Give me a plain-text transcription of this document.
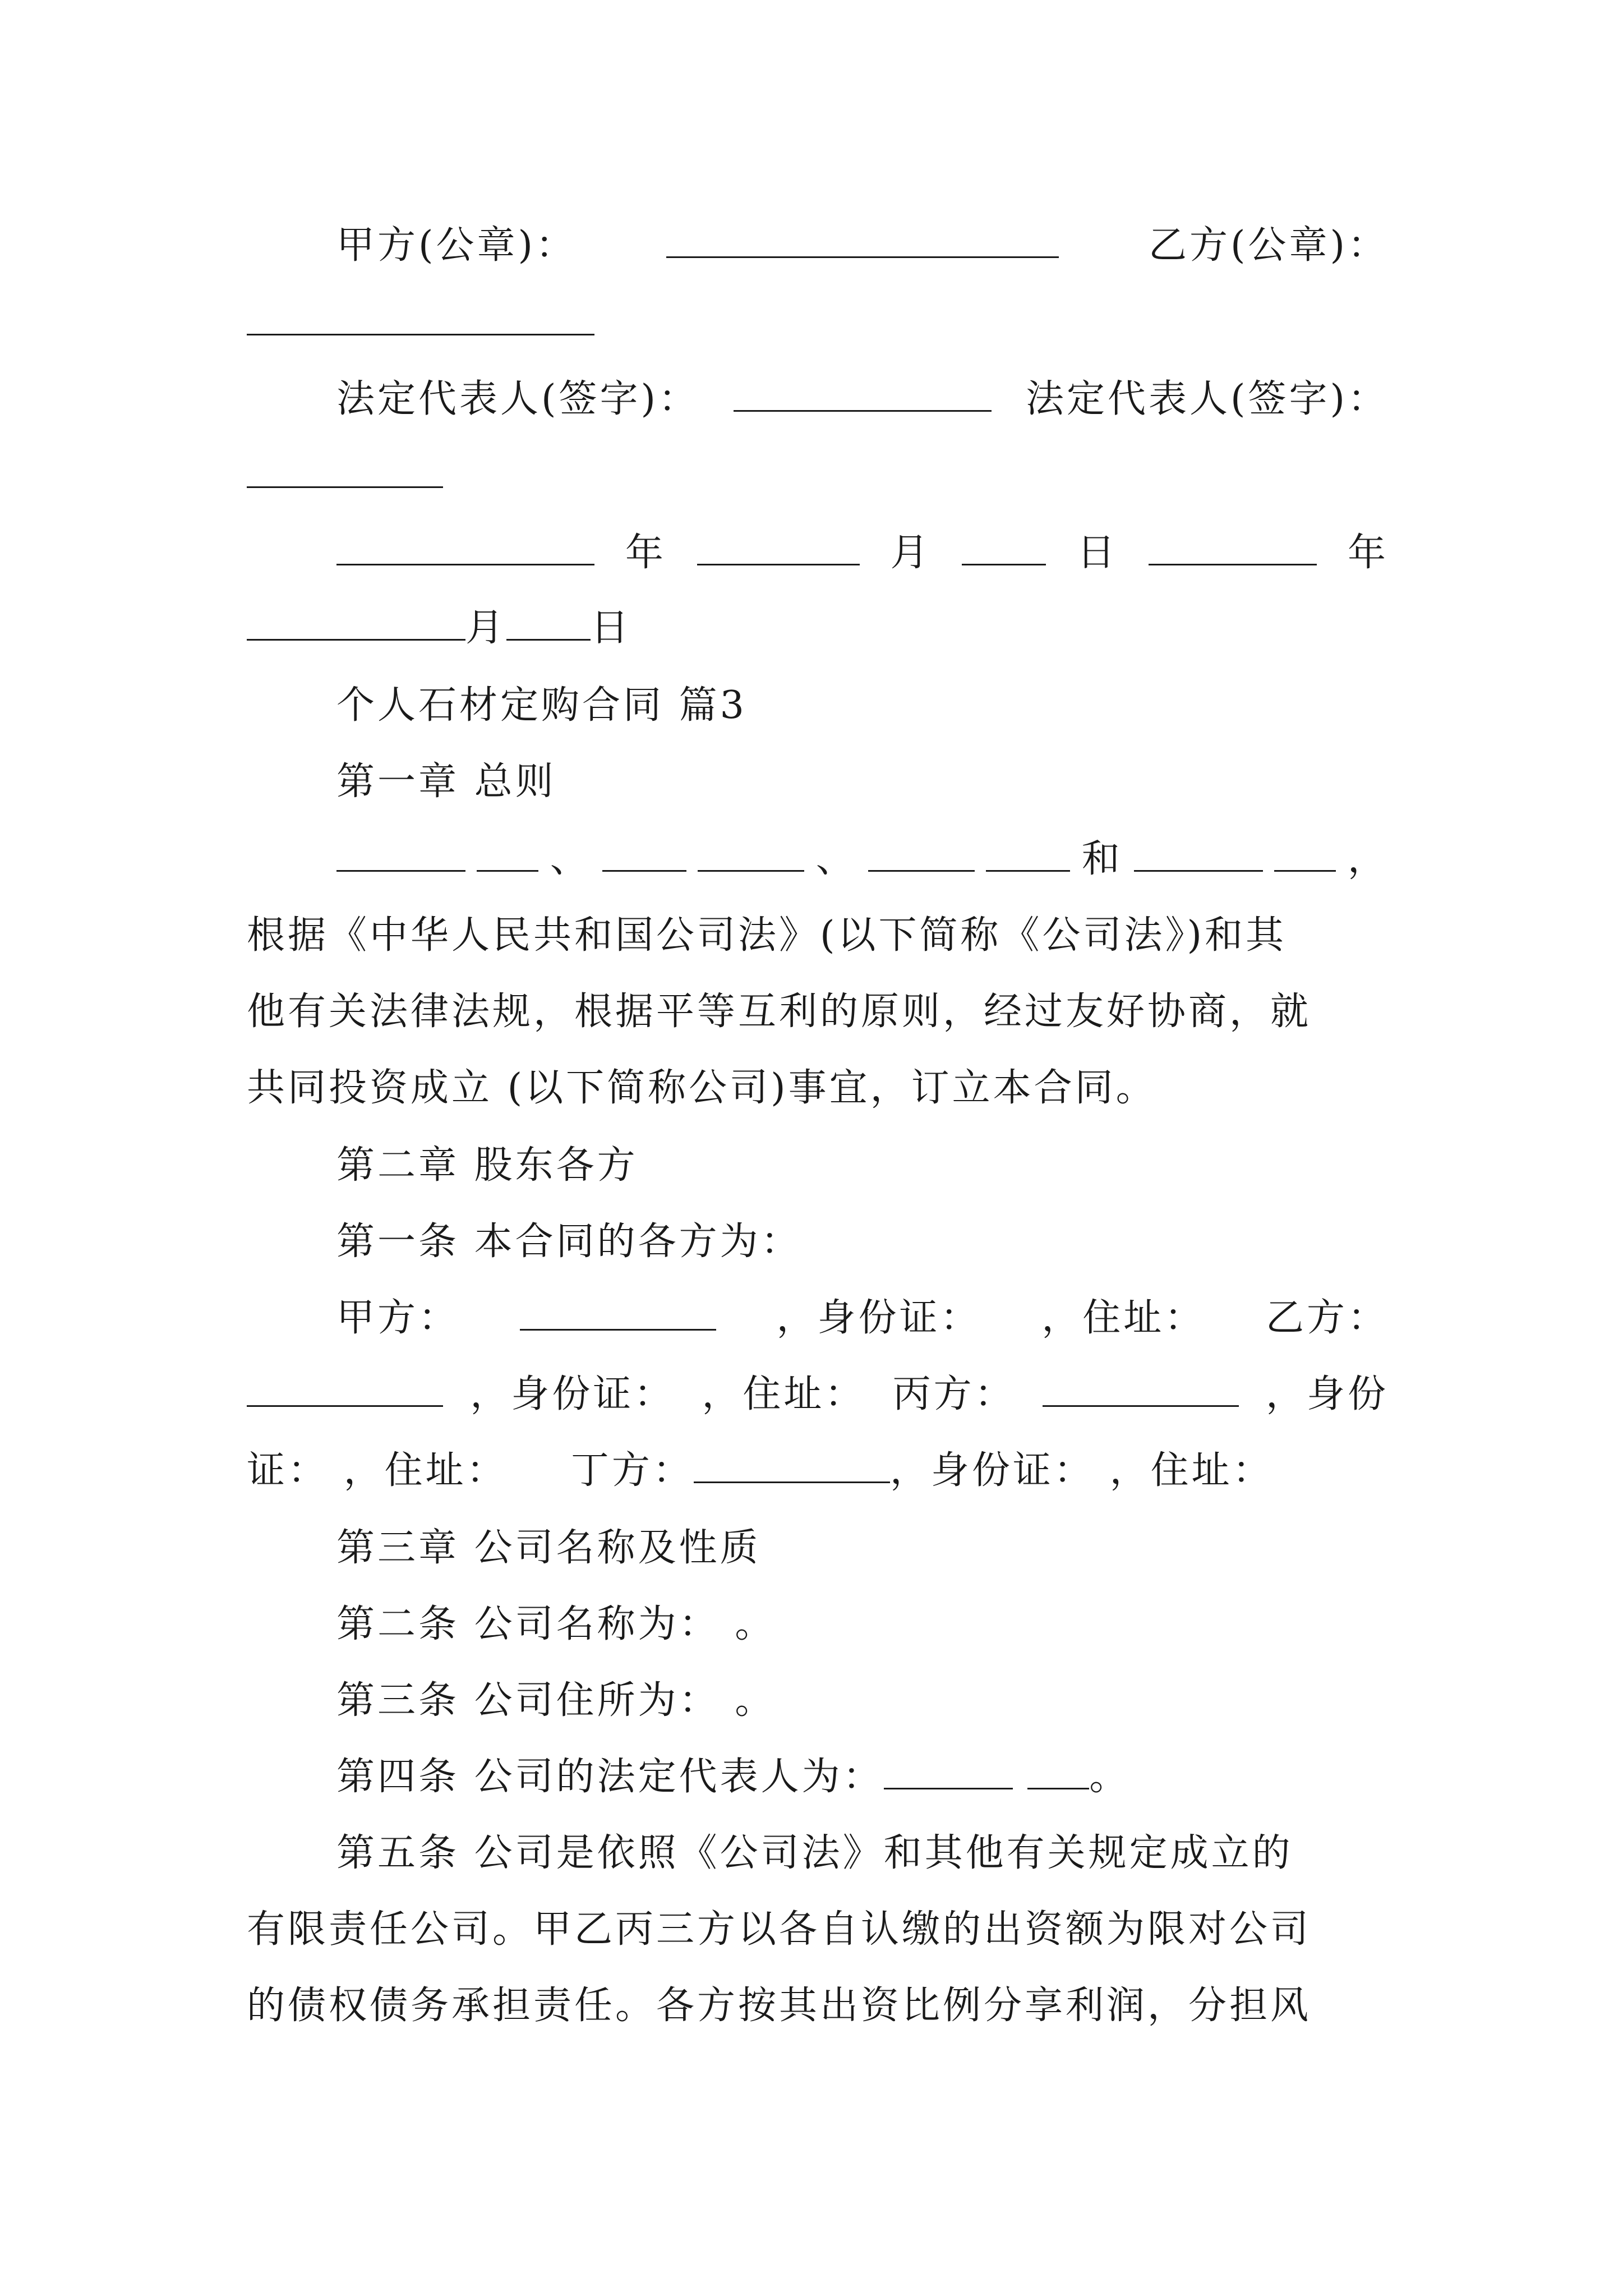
甲方(公章)：	乙方(公章)：
法定代表人(签字)：	法定代表人(签字)：
年	月	日	年
月 日
个人石材定购合同 篇3
第一章 总则
、	、	和	，
根据《中华人民共和国公司法》(以下简称《公司法》)和其
他有关法律法规，根据平等互利的原则，经过友好协商，就
共同投资成立 (以下简称公司)事宜，订立本合同。
第二章 股东各方
第一条 本合同的各方为：
甲方：	，身份证： ，住址： 乙方：
，身份证： ，住址： 丙方：	，身份
证： ，住址： 丁方：	，身份证： ，住址：
第三章 公司名称及性质
第二条 公司名称为： 。
第三条 公司住所为： 。
第四条 公司的法定代表人为：	。
第五条 公司是依照《公司法》和其他有关规定成立的
有限责任公司。甲乙丙三方以各自认缴的出资额为限对公司
的债权债务承担责任。各方按其出资比例分享利润，分担风
